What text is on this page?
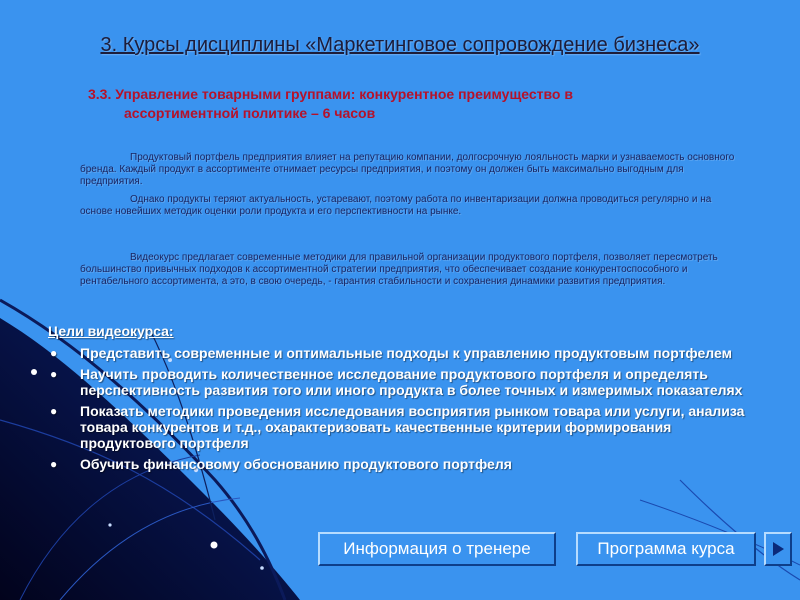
3. Курсы дисциплины «Маркетинговое сопровождение бизнеса»
3.3. Управление товарными группами: конкурентное преимущество в
ассортиментной политике – 6 часов
Продуктовый портфель предприятия влияет на репутацию компании, долгосрочную лояльность марки и узнаваемость основного бренда. Каждый продукт в ассортименте отнимает ресурсы предприятия, и поэтому он должен быть максимально выгодным для предприятия.
Однако продукты теряют актуальность, устаревают, поэтому работа по инвентаризации должна проводиться регулярно и на основе новейших методик оценки роли продукта и его перспективности на рынке.
Видеокурс предлагает современные методики для правильной организации продуктового портфеля, позволяет пересмотреть большинство привычных подходов к ассортиментной стратегии предприятия, что обеспечивает создание конкурентоспособного и рентабельного ассортимента, а это, в свою очередь, - гарантия стабильности и сохранения динамики развития предприятия.
Цели видеокурса:
● Представить современные и оптимальные подходы к управлению продуктовым портфелем
● Научить проводить количественное исследование продуктового портфеля и определять перспективность развития того или иного продукта в более точных и измеримых показателях
● Показать методики проведения исследования восприятия рынком товара или услуги, анализа товара конкурентов и т.д., охарактеризовать качественные критерии формирования продуктового портфеля
● Обучить финансовому обоснованию продуктового портфеля
Информация о тренере	Программа курса
